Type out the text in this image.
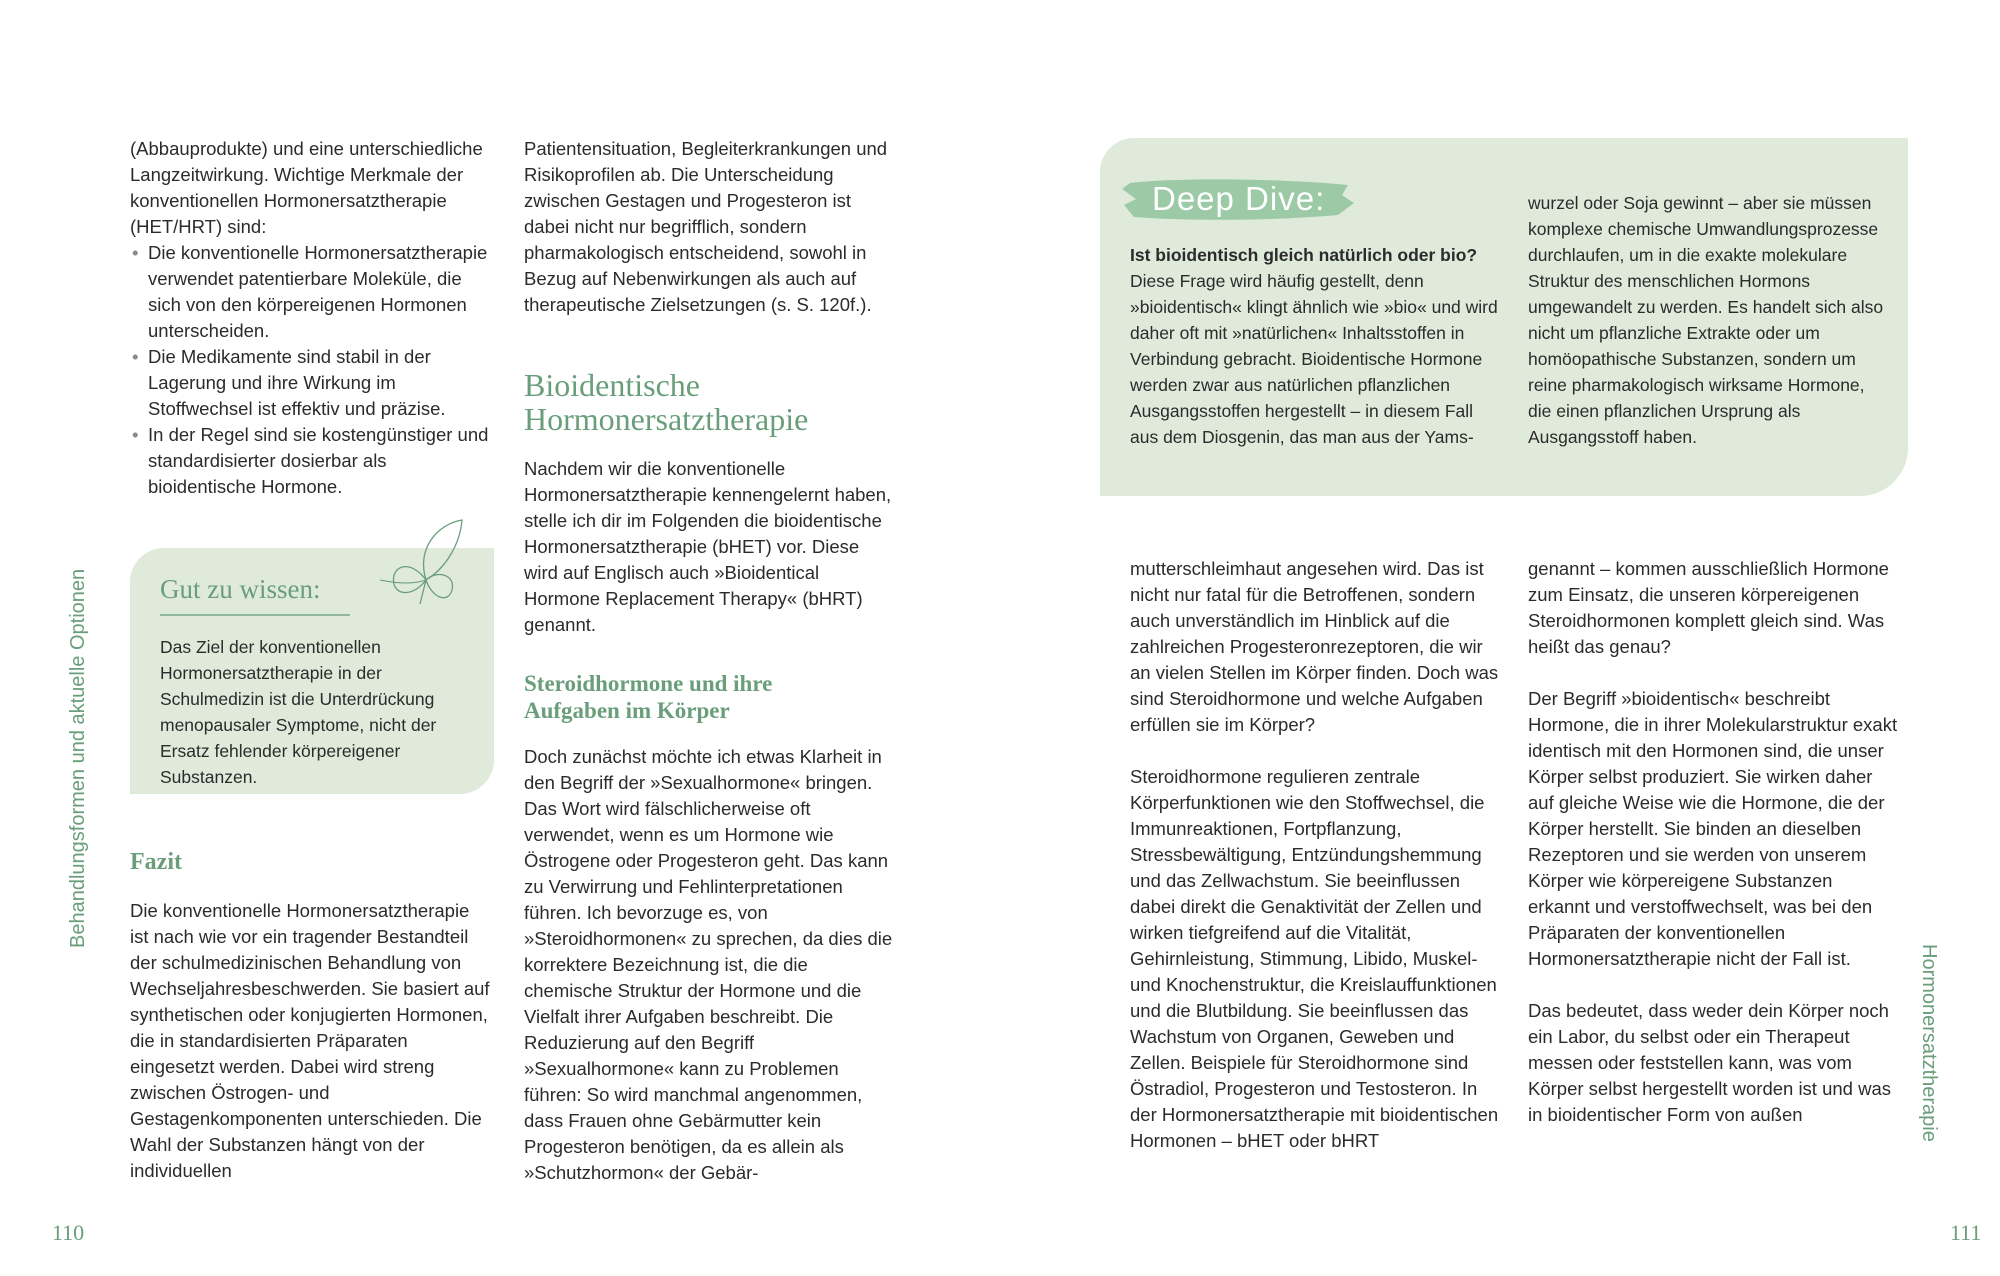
(Abbauprodukte) und eine unterschiedliche Langzeitwirkung. Wichtige Merkmale der konventionellen Hormonersatztherapie (HET/HRT) sind:

• Die konventionelle Hormonersatztherapie verwendet patentierbare Moleküle, die sich von den körpereigenen Hormonen unterscheiden.
• Die Medikamente sind stabil in der Lagerung und ihre Wirkung im Stoffwechsel ist effektiv und präzise.
• In der Regel sind sie kostengünstiger und standardisierter dosierbar als bioidentische Hormone.
Gut zu wissen:
Das Ziel der konventionellen Hormonersatztherapie in der Schulmedizin ist die Unterdrückung menopausaler Symptome, nicht der Ersatz fehlender körpereigener Substanzen.
Fazit

Die konventionelle Hormonersatztherapie ist nach wie vor ein tragender Bestandteil der schulmedizinischen Behandlung von Wechseljahresbeschwerden. Sie basiert auf synthetischen oder konjugierten Hormonen, die in standardisierten Präparaten eingesetzt werden. Dabei wird streng zwischen Östrogen- und Gestagenkomponenten unterschieden. Die Wahl der Substanzen hängt von der individuellen

Patientensituation, Begleiterkrankungen und Risikoprofilen ab. Die Unterscheidung zwischen Gestagen und Progesteron ist dabei nicht nur begrifflich, sondern pharmakologisch entscheidend, sowohl in Bezug auf Nebenwirkungen als auch auf therapeutische Zielsetzungen (s. S. 120f.).

Bioidentische Hormonersatztherapie

Nachdem wir die konventionelle Hormonersatztherapie kennengelernt haben, stelle ich dir im Folgenden die bioidentische Hormonersatztherapie (bHET) vor. Diese wird auf Englisch auch »Bioidentical Hormone Replacement Therapy« (bHRT) genannt.

Steroidhormone und ihre Aufgaben im Körper

Doch zunächst möchte ich etwas Klarheit in den Begriff der »Sexualhormone« bringen. Das Wort wird fälschlicherweise oft verwendet, wenn es um Hormone wie Östrogene oder Progesteron geht. Das kann zu Verwirrung und Fehlinterpretationen führen. Ich bevorzuge es, von »Steroidhormonen« zu sprechen, da dies die korrektere Bezeichnung ist, die die chemische Struktur der Hormone und die Vielfalt ihrer Aufgaben beschreibt. Die Reduzierung auf den Begriff »Sexualhormone« kann zu Problemen führen: So wird manchmal angenommen, dass Frauen ohne Gebärmutter kein Progesteron benötigen, da es allein als »Schutzhormon« der Gebär-

Behandlungsformen und aktuelle Optionen
110
Deep Dive:

Ist bioidentisch gleich natürlich oder bio?

Diese Frage wird häufig gestellt, denn »bioidentisch« klingt ähnlich wie »bio« und wird daher oft mit »natürlichen« Inhaltsstoffen in Verbindung gebracht. Bioidentische Hormone werden zwar aus natürlichen pflanzlichen Ausgangsstoffen hergestellt – in diesem Fall aus dem Diosgenin, das man aus der Yams-

wurzel oder Soja gewinnt – aber sie müssen komplexe chemische Umwandlungsprozesse durchlaufen, um in die exakte molekulare Struktur des menschlichen Hormons umgewandelt zu werden. Es handelt sich also nicht um pflanzliche Extrakte oder um homöopathische Substanzen, sondern um reine pharmakologisch wirksame Hormone, die einen pflanzlichen Ursprung als Ausgangsstoff haben.

mutterschleimhaut angesehen wird. Das ist nicht nur fatal für die Betroffenen, sondern auch unverständlich im Hinblick auf die zahlreichen Progesteronrezeptoren, die wir an vielen Stellen im Körper finden. Doch was sind Steroidhormone und welche Aufgaben erfüllen sie im Körper?

Steroidhormone regulieren zentrale Körperfunktionen wie den Stoffwechsel, die Immunreaktionen, Fortpflanzung, Stressbewältigung, Entzündungshemmung und das Zellwachstum. Sie beeinflussen dabei direkt die Genaktivität der Zellen und wirken tiefgreifend auf die Vitalität, Gehirnleistung, Stimmung, Libido, Muskel- und Knochenstruktur, die Kreislauffunktionen und die Blutbildung. Sie beeinflussen das Wachstum von Organen, Geweben und Zellen. Beispiele für Steroidhormone sind Östradiol, Progesteron und Testosteron. In der Hormonersatztherapie mit bioidentischen Hormonen – bHET oder bHRT

genannt – kommen ausschließlich Hormone zum Einsatz, die unseren körpereigenen Steroidhormonen komplett gleich sind. Was heißt das genau?

Der Begriff »bioidentisch« beschreibt Hormone, die in ihrer Molekularstruktur exakt identisch mit den Hormonen sind, die unser Körper selbst produziert. Sie wirken daher auf gleiche Weise wie die Hormone, die der Körper herstellt. Sie binden an dieselben Rezeptoren und sie werden von unserem Körper wie körpereigene Substanzen erkannt und verstoffwechselt, was bei den Präparaten der konventionellen Hormonersatztherapie nicht der Fall ist.

Das bedeutet, dass weder dein Körper noch ein Labor, du selbst oder ein Therapeut messen oder feststellen kann, was vom Körper selbst hergestellt worden ist und was in bioidentischer Form von außen	Hormonersatztherapie
111
